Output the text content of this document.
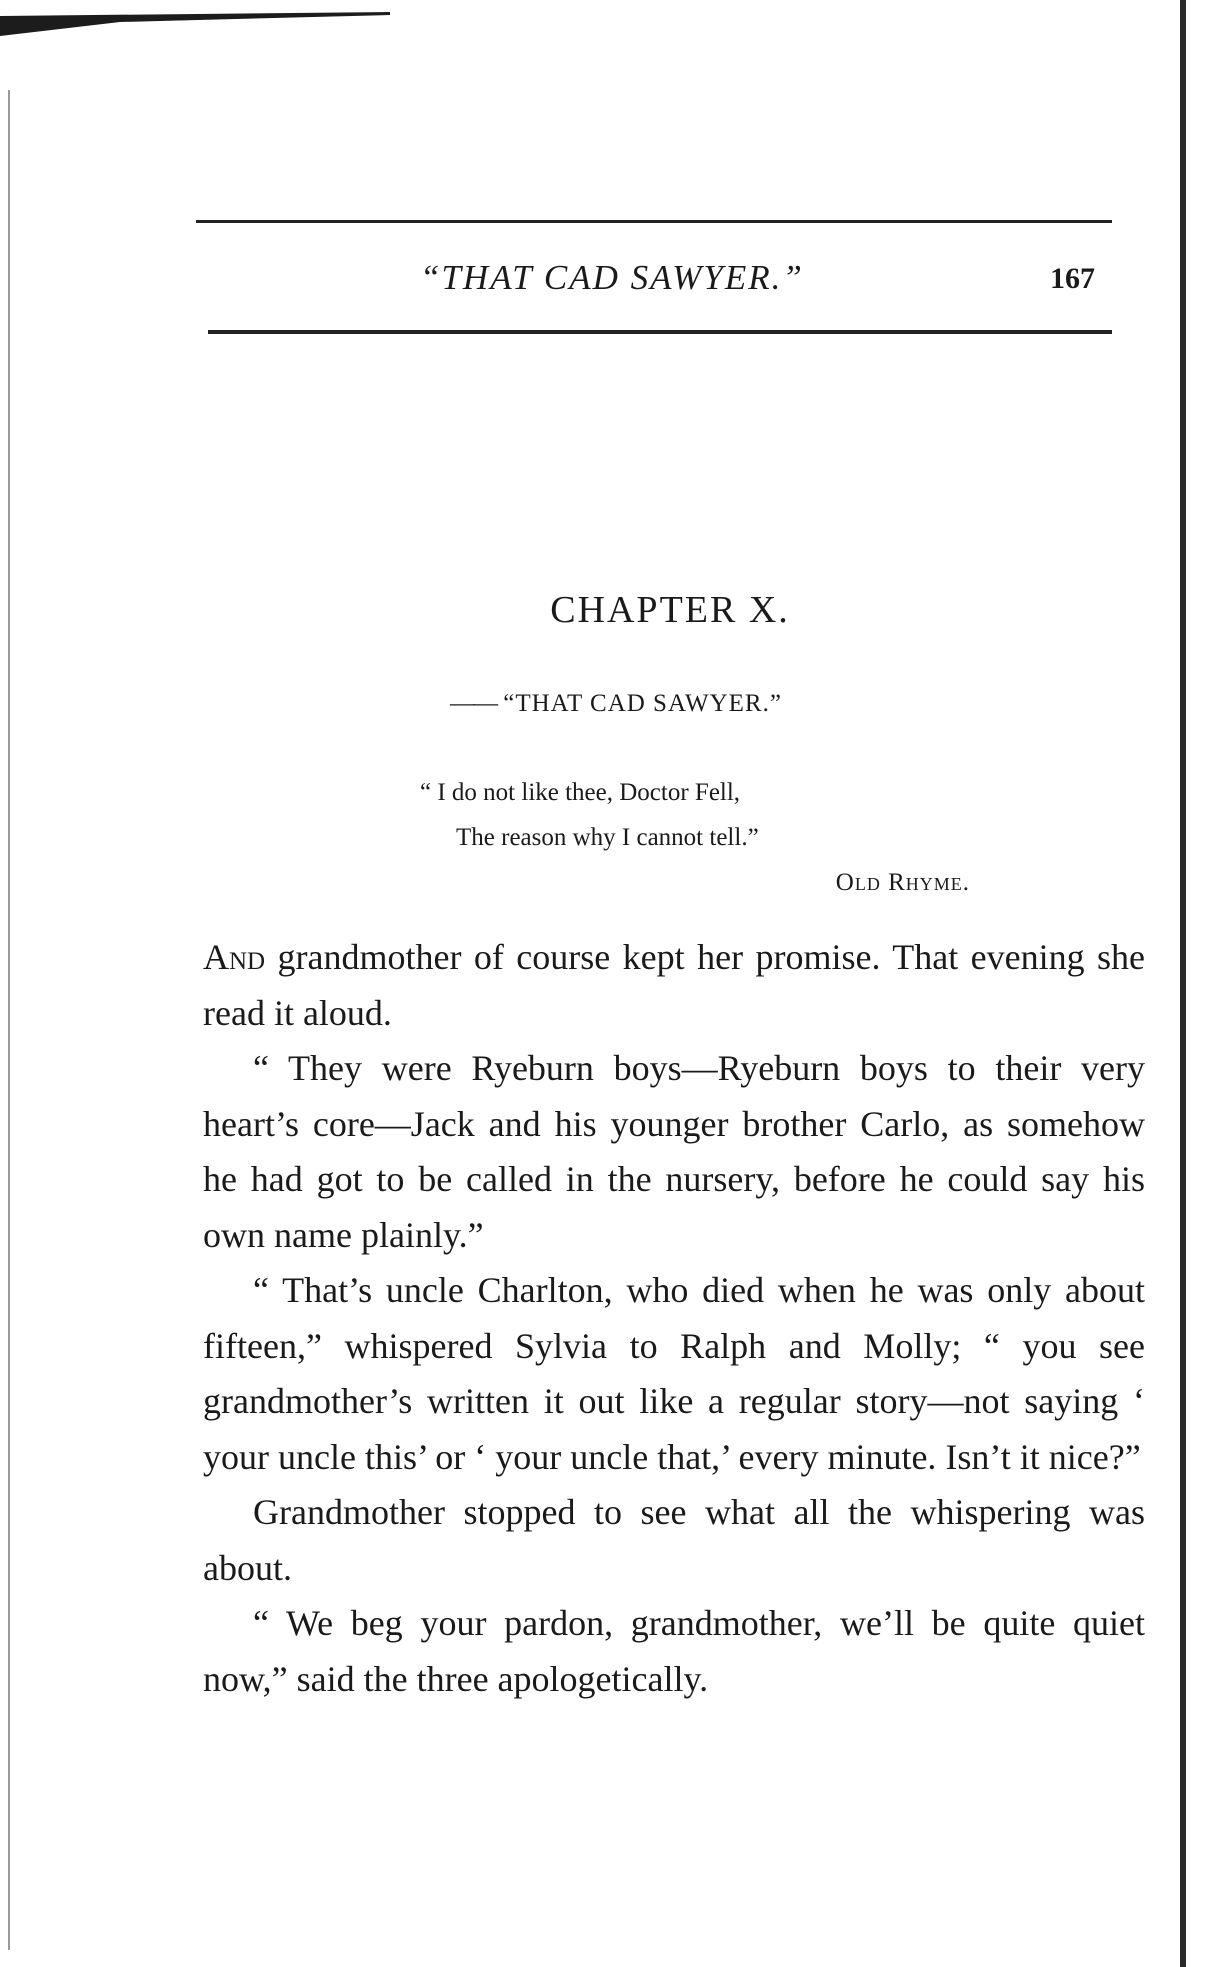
“THAT CAD SAWYER.”	167
CHAPTER X.
—— “THAT CAD SAWYER.”
“ I do not like thee, Doctor Fell,
The reason why I cannot tell.”
Old Rhyme.

And grandmother of course kept her promise. That evening she read it aloud.

“ They were Ryeburn boys—Ryeburn boys to their very heart’s core—Jack and his younger brother Carlo, as somehow he had got to be called in the nursery, before he could say his own name plainly.”

“ That’s uncle Charlton, who died when he was only about fifteen,” whispered Sylvia to Ralph and Molly; “ you see grandmother’s written it out like a regular story—not saying ‘ your uncle this’ or ‘ your uncle that,’ every minute. Isn’t it nice?”

Grandmother stopped to see what all the whispering was about.

“ We beg your pardon, grandmother, we’ll be quite quiet now,” said the three apologetically.
